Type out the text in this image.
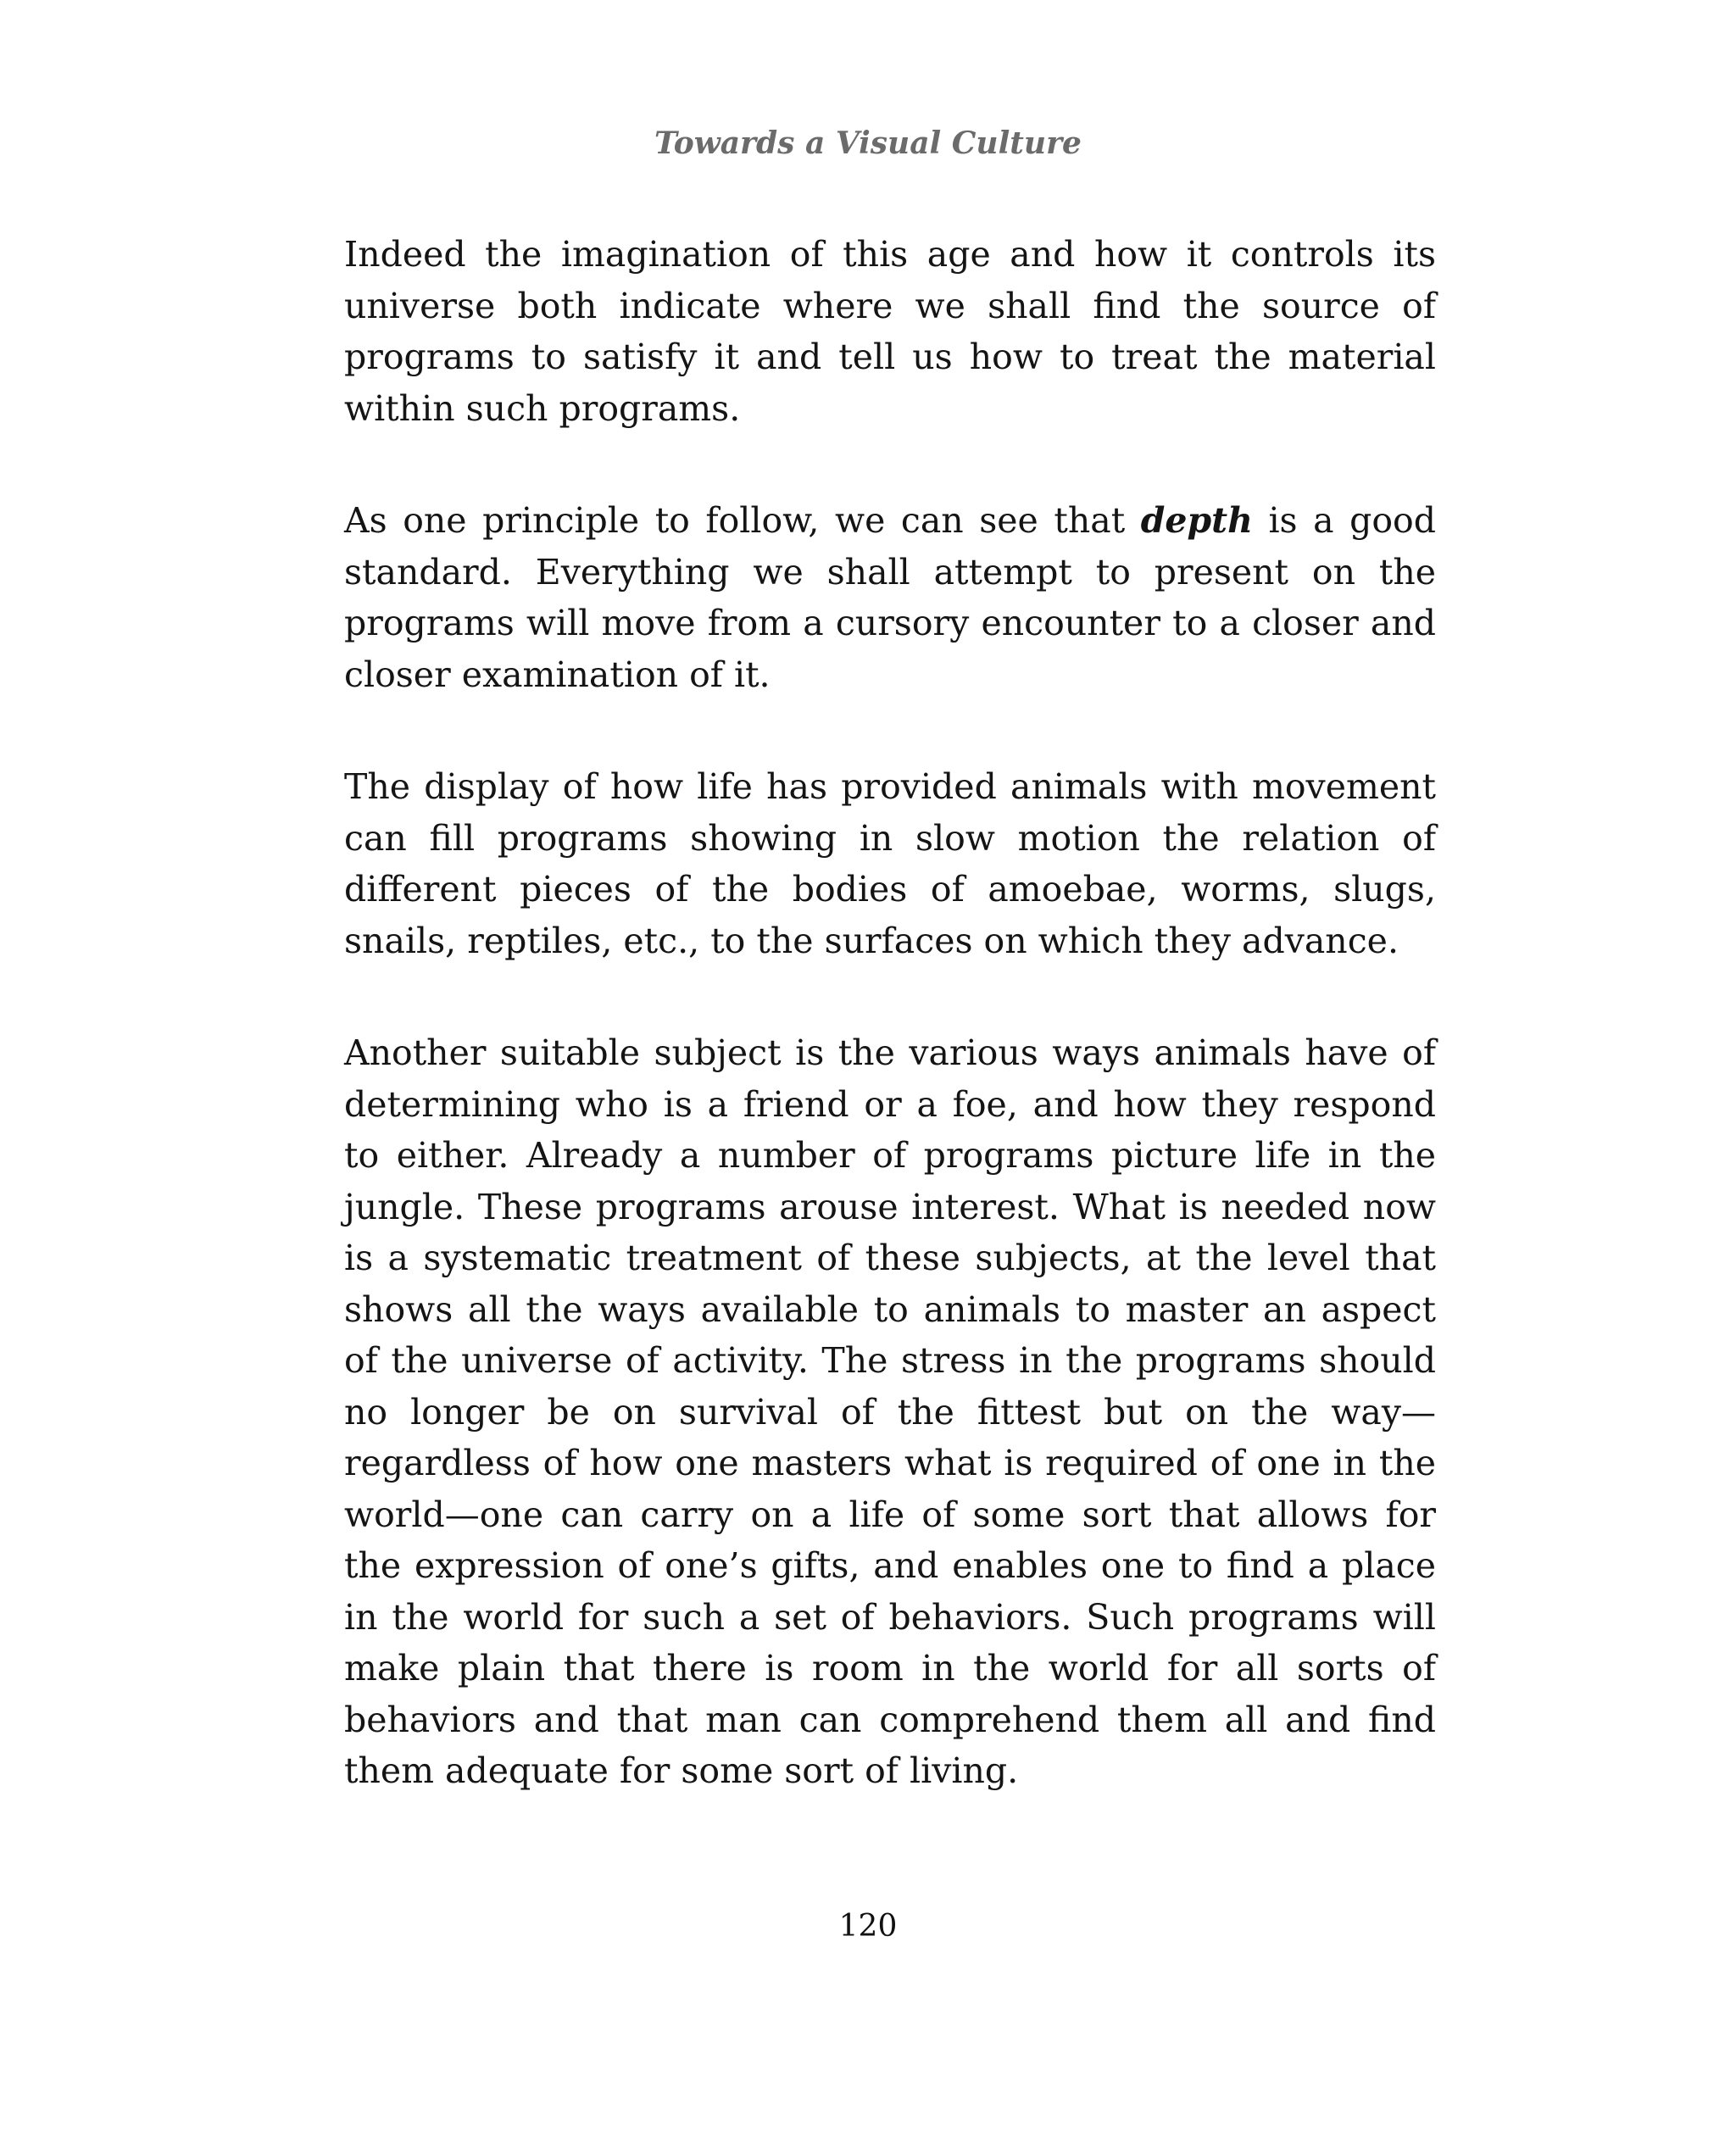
Towards a Visual Culture

Indeed the imagination of this age and how it controls its universe both indicate where we shall find the source of programs to satisfy it and tell us how to treat the material within such programs.

As one principle to follow, we can see that depth is a good standard. Everything we shall attempt to present on the programs will move from a cursory encounter to a closer and closer examination of it.

The display of how life has provided animals with movement can fill programs showing in slow motion the relation of different pieces of the bodies of amoebae, worms, slugs, snails, reptiles, etc., to the surfaces on which they advance.

Another suitable subject is the various ways animals have of determining who is a friend or a foe, and how they respond to either. Already a number of programs picture life in the jungle. These programs arouse interest. What is needed now is a systematic treatment of these subjects, at the level that shows all the ways available to animals to master an aspect of the universe of activity. The stress in the programs should no longer be on survival of the fittest but on the way—regardless of how one masters what is required of one in the world—one can carry on a life of some sort that allows for the expression of one’s gifts, and enables one to find a place in the world for such a set of behaviors. Such programs will make plain that there is room in the world for all sorts of behaviors and that man can comprehend them all and find them adequate for some sort of living.

120
